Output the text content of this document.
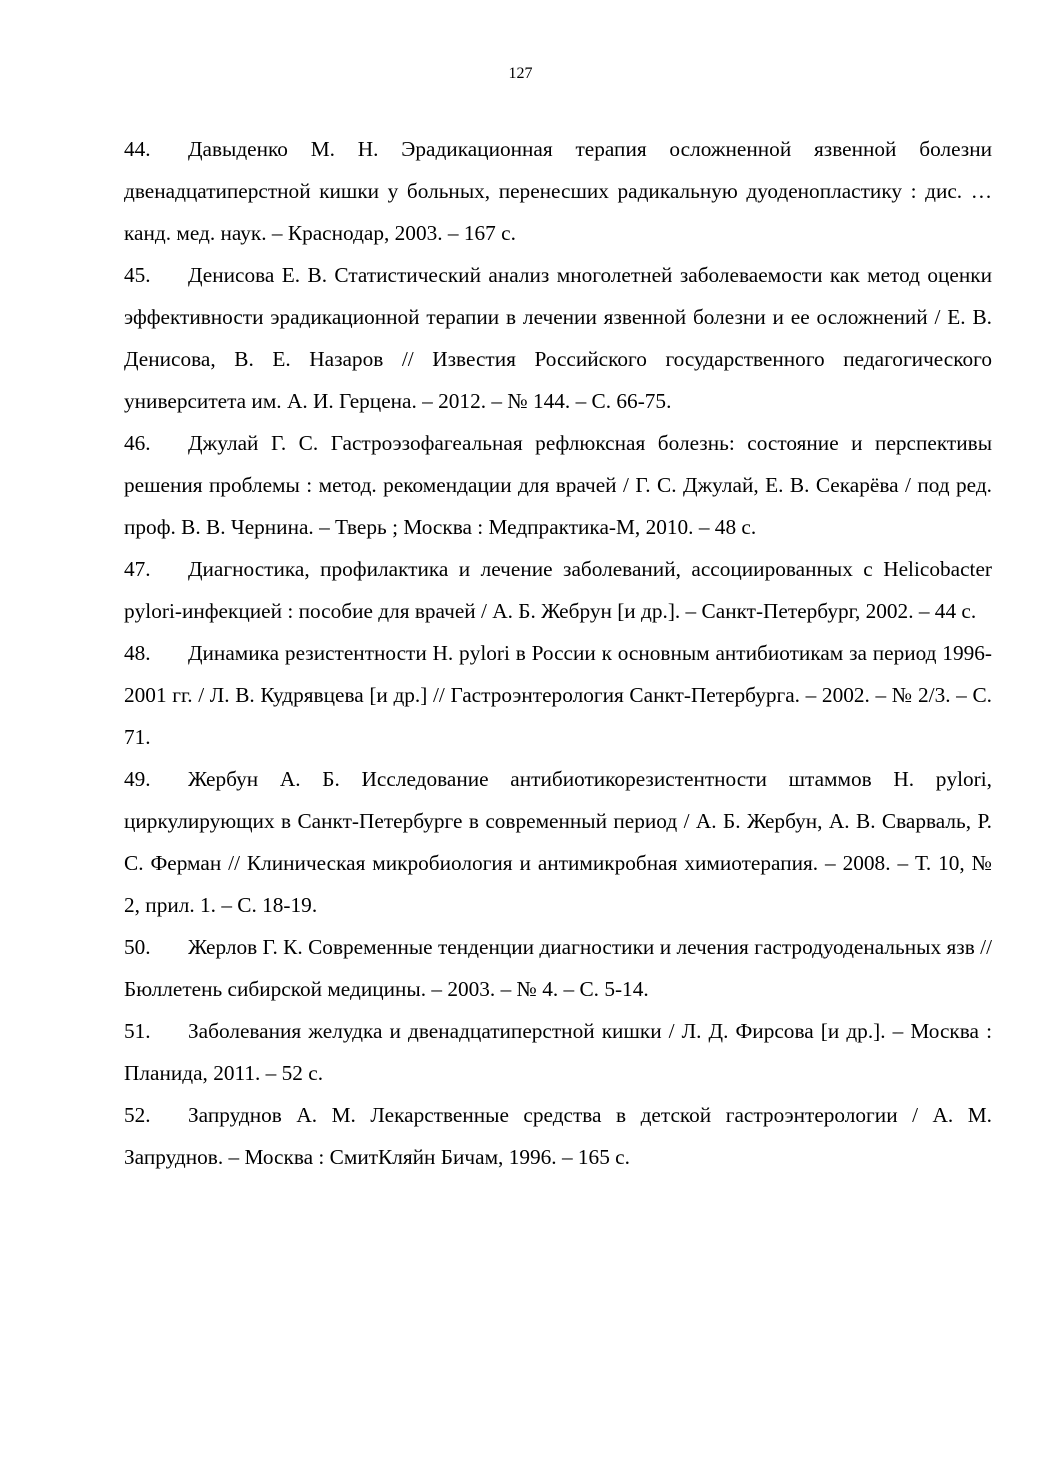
127
44. Давыденко М. Н. Эрадикационная терапия осложненной язвенной болезни двенадцатиперстной кишки у больных, перенесших радикальную дуоденопластику : дис. … канд. мед. наук. – Краснодар, 2003. – 167 с.
45. Денисова Е. В. Статистический анализ многолетней заболеваемости как метод оценки эффективности эрадикационной терапии в лечении язвенной болезни и ее осложнений / Е. В. Денисова, В. Е. Назаров // Известия Российского государственного педагогического университета им. А. И. Герцена. – 2012. – № 144. – С. 66-75.
46. Джулай Г. С. Гастроэзофагеальная рефлюксная болезнь: состояние и перспективы решения проблемы : метод. рекомендации для врачей / Г. С. Джулай, Е. В. Секарёва / под ред. проф. В. В. Чернина. – Тверь ; Москва : Медпрактика-М, 2010. – 48 с.
47. Диагностика, профилактика и лечение заболеваний, ассоциированных с Helicobacter pylori-инфекцией : пособие для врачей / А. Б. Жебрун [и др.]. – Санкт-Петербург, 2002. – 44 с.
48. Динамика резистентности H. pylori в России к основным антибиотикам за период 1996-2001 гг. / Л. В. Кудрявцева [и др.] // Гастроэнтерология Санкт-Петербурга. – 2002. – № 2/3. – С. 71.
49. Жербун А. Б. Исследование антибиотикорезистентности штаммов H. pylori, циркулирующих в Санкт-Петербурге в современный период / А. Б. Жербун, А. В. Сварваль, Р. С. Ферман // Клиническая микробиология и антимикробная химиотерапия. – 2008. – Т. 10, № 2, прил. 1. – С. 18-19.
50. Жерлов Г. К. Современные тенденции диагностики и лечения гастродуоденальных язв // Бюллетень сибирской медицины. – 2003. – № 4. – С. 5-14.
51. Заболевания желудка и двенадцатиперстной кишки / Л. Д. Фирсова [и др.]. – Москва : Планида, 2011. – 52 с.
52. Запруднов А. М. Лекарственные средства в детской гастроэнтерологии / А. М. Запруднов. – Москва : СмитКляйн Бичам, 1996. – 165 с.
